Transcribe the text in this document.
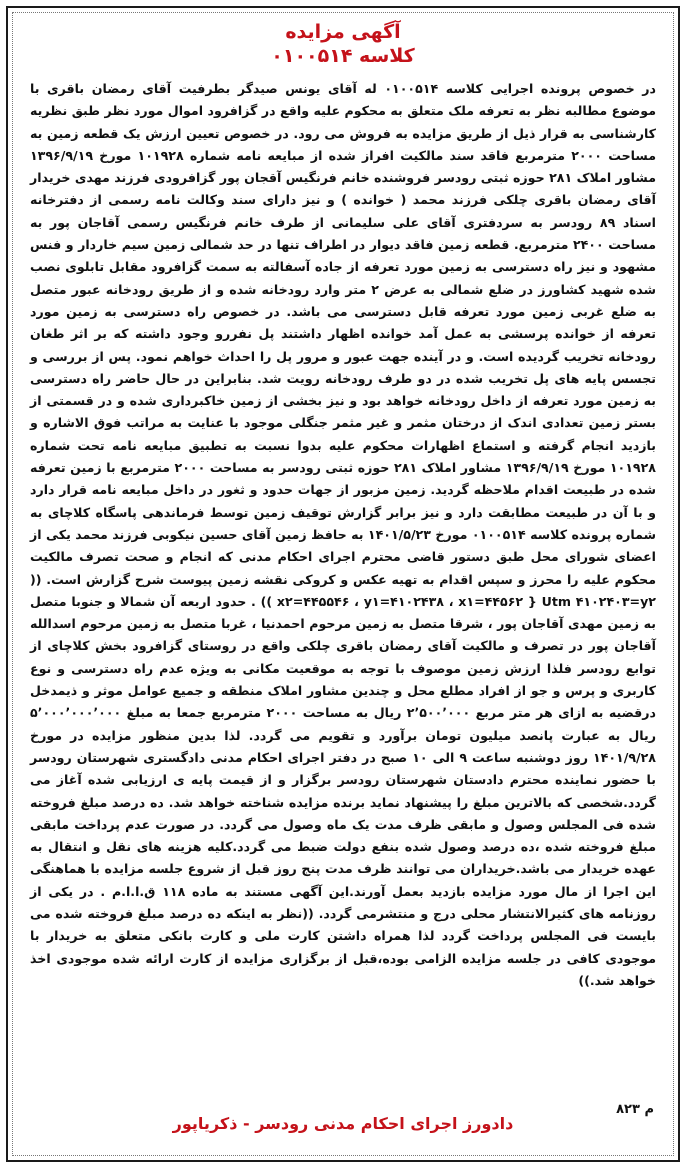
آگهی مزایده
کلاسه ۰۱۰۰۵۱۴

در خصوص پرونده اجرایی کلاسه ۰۱۰۰۵۱۴ له آقای یونس صیدگر بطرفیت آقای رمضان باقری با موضوع مطالبه نظر به تعرفه ملک متعلق به محکوم علیه واقع در گزافرود اموال مورد نظر طبق نظریه کارشناسی به قرار ذیل از طریق مزایده به فروش می رود. در خصوص تعیین ارزش یک قطعه زمین به مساحت ۲۰۰۰ مترمربع فاقد سند مالکیت افراز شده از مبایعه نامه شماره ۱۰۱۹۲۸ مورخ ۱۳۹۶/۹/۱۹ مشاور املاک ۲۸۱ حوزه ثبتی رودسر فروشنده خانم فرنگیس آقجان پور گزافرودی فرزند مهدی خریدار آقای رمضان باقری چلکی فرزند محمد ( خوانده ) و نیز دارای سند وکالت نامه رسمی از دفترخانه اسناد ۸۹ رودسر به سردفتری آقای علی سلیمانی از طرف خانم فرنگیس رسمی آقاجان پور به مساحت ۲۴۰۰ مترمربع. قطعه زمین فاقد دیوار در اطراف تنها در حد شمالی زمین سیم خاردار و فنس مشهود و نیز راه دسترسی به زمین مورد تعرفه از جاده آسفالته به سمت گزافرود مقابل تابلوی نصب شده شهید کشاورز در ضلع شمالی به عرض ۲ متر وارد رودخانه شده و از طریق رودخانه عبور متصل به ضلع غربی زمین مورد تعرفه قابل دسترسی می باشد. در خصوص راه دسترسی به زمین مورد تعرفه از خوانده پرسشی به عمل آمد خوانده اظهار داشتند پل نفررو وجود داشته که بر اثر طغان رودخانه تخریب گردیده است. و در آینده جهت عبور و مرور پل را احداث خواهم نمود. پس از بررسی و تجسس پایه های پل تخریب شده در دو طرف رودخانه رویت شد. بنابراین در حال حاضر راه دسترسی به زمین مورد تعرفه از داخل رودخانه خواهد بود و نیز بخشی از زمین خاکبرداری شده و در قسمتی از بستر زمین تعدادی اندک از درختان مثمر و غیر مثمر جنگلی موجود با عنایت به مراتب فوق الاشاره و بازدید انجام گرفته و استماع اظهارات محکوم علیه بدوا نسبت به تطبیق مبایعه نامه تحت شماره ۱۰۱۹۲۸ مورخ ۱۳۹۶/۹/۱۹ مشاور املاک ۲۸۱ حوزه ثبتی رودسر به مساحت ۲۰۰۰ مترمربع با زمین تعرفه شده در طبیعت اقدام ملاحظه گردید. زمین مزبور از جهات حدود و ثغور در داخل مبایعه نامه قرار دارد و با آن در طبیعت مطابقت دارد و نیز برابر گزارش توقیف زمین توسط فرماندهی پاسگاه کلاچای به شماره پرونده کلاسه ۰۱۰۰۵۱۴ مورخ ۱۴۰۱/۵/۲۳ به حافظ زمین آقای حسین نیکوبی فرزند محمد یکی از اعضای شورای محل طبق دستور قاضی محترم اجرای احکام مدنی که انجام و صحت تصرف مالکیت محکوم علیه را محرز و سپس اقدام به تهیه عکس و کروکی نقشه زمین پیوست شرح گزارش است. (( x۲=۴۴۵۵۴۶ ، y۱=۴۱۰۲۴۳۸ ، x۱=۴۴۵۶۲ } Utm ۴۱۰۲۴۰۳=y۲ )) . حدود اربعه آن شمالا و جنوبا متصل به زمین مهدی آقاجان پور ، شرقا متصل به زمین مرحوم احمدنیا ، غربا متصل به زمین مرحوم اسدالله آقاجان پور در تصرف و مالکیت آقای رمضان باقری چلکی واقع در روستای گزافرود بخش کلاچای از توابع رودسر فلذا ارزش زمین موصوف با توجه به موقعیت مکانی به ویژه عدم راه دسترسی و نوع کاربری و پرس و جو از افراد مطلع محل و چندین مشاور املاک منطقه و جمیع عوامل موثر و ذیمدخل درقضیه به ازای هر متر مربع ۲٬۵۰۰٬۰۰۰ ریال به مساحت ۲۰۰۰ مترمربع جمعا به مبلغ ۵٬۰۰۰٬۰۰۰٬۰۰۰ ریال به عبارت پانصد میلیون تومان برآورد و تقویم می گردد. لذا بدین منظور مزایده در مورخ ۱۴۰۱/۹/۲۸ روز دوشنبه ساعت ۹ الی ۱۰ صبح در دفتر اجرای احکام مدنی دادگستری شهرستان رودسر با حضور نماینده محترم دادستان شهرستان رودسر برگزار و از قیمت پایه ی ارزیابی شده آغاز می گردد.شخصی که بالاترین مبلغ را پیشنهاد نماید برنده مزایده شناخته خواهد شد. ده درصد مبلغ فروخته شده فی المجلس وصول و مابقی ظرف مدت یک ماه وصول می گردد. در صورت عدم پرداخت مابقی مبلغ فروخته شده ،ده درصد وصول شده بنفع دولت ضبط می گردد.کلیه هزینه های نقل و انتقال به عهده خریدار می باشد.خریداران می توانند ظرف مدت پنج روز قبل از شروع جلسه مزایده با هماهنگی این اجرا از مال مورد مزایده بازدید بعمل آورند.این آگهی مستند به ماده ۱۱۸ ق.ا.ا.م . در یکی از روزنامه های کثیرالانتشار محلی درج و منتشرمی گردد. ((نظر به اینکه ده درصد مبلغ فروخته شده می بایست فی المجلس پرداخت گردد لذا همراه داشتن کارت ملی و کارت بانکی متعلق به خریدار با موجودی کافی در جلسه مزایده الزامی بوده،قبل از برگزاری مزایده از کارت ارائه شده موجودی اخذ خواهد شد.))

م ۸۲۳
دادورز اجرای احکام مدنی رودسر - ذکریاپور
